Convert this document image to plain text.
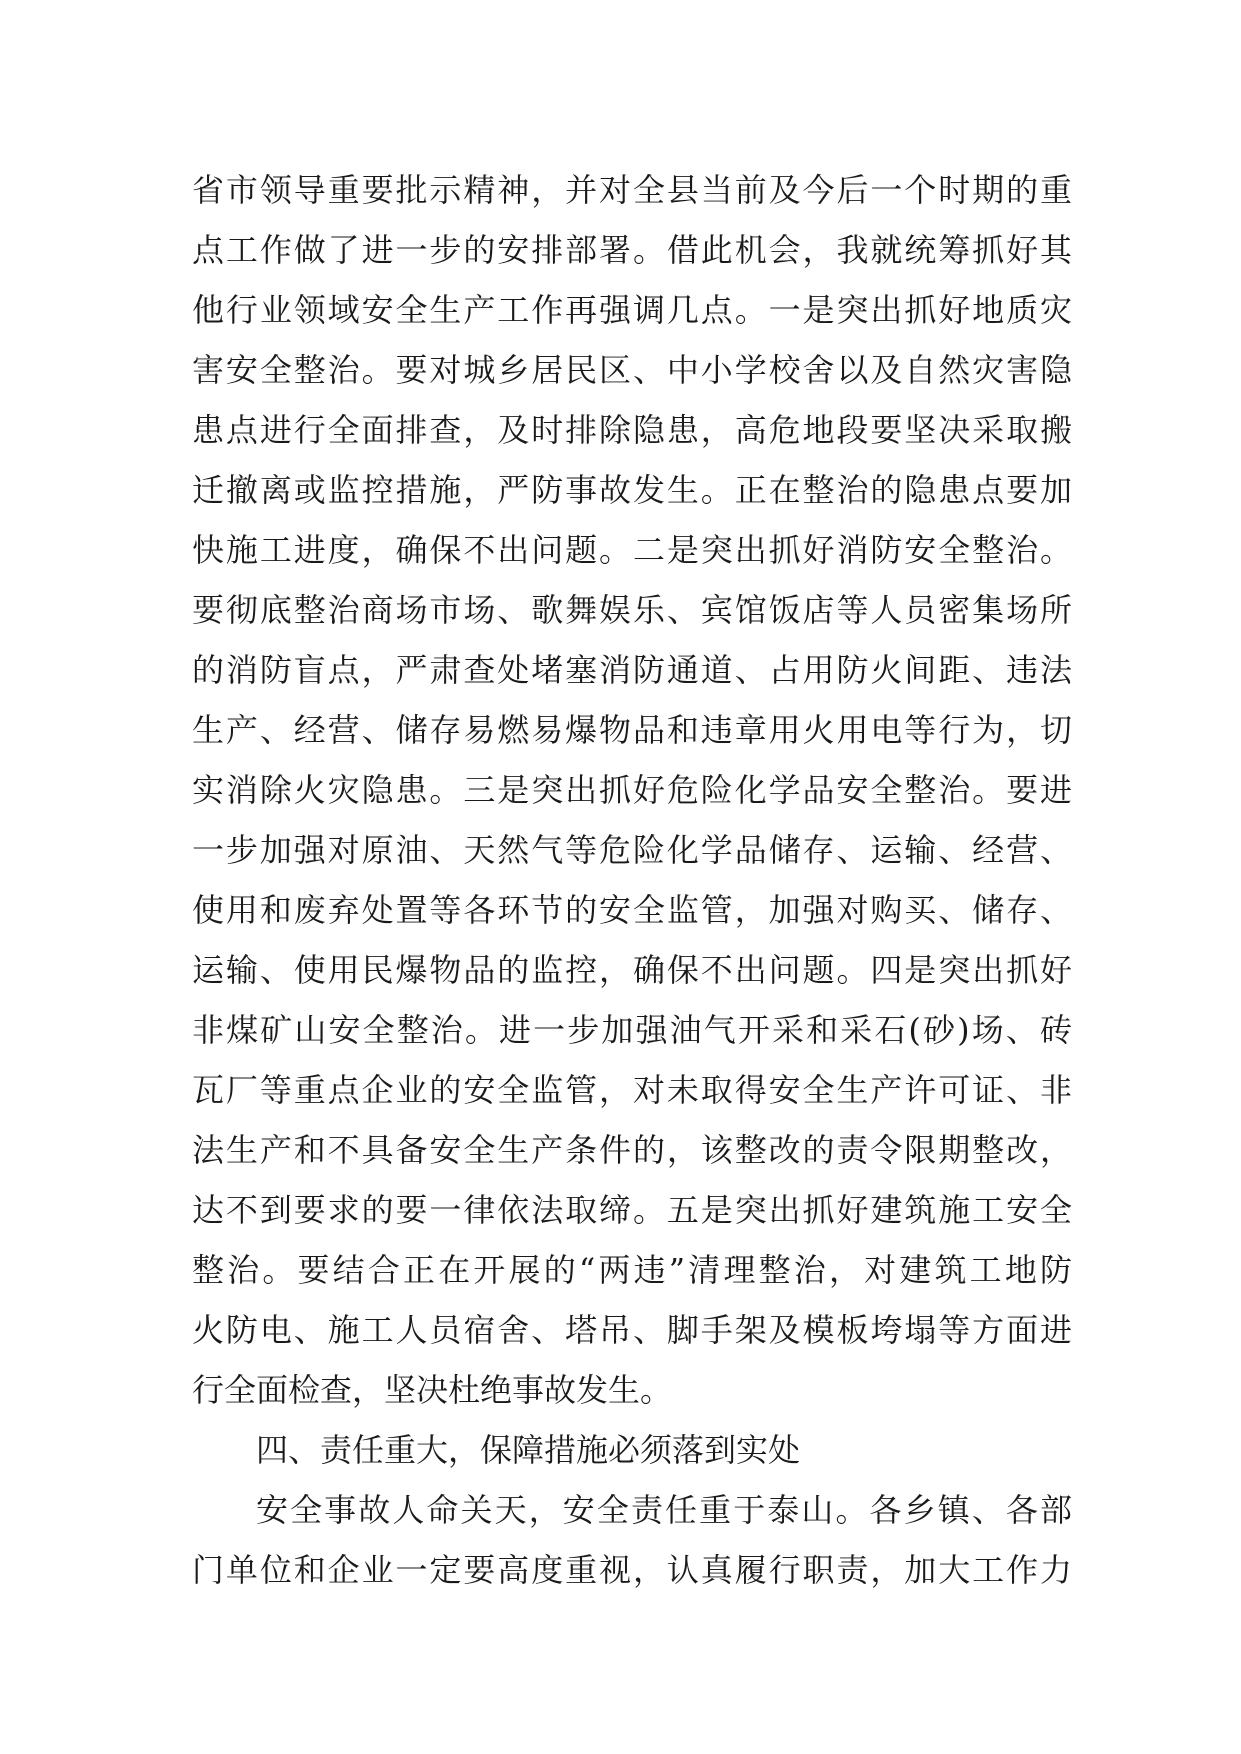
省市领导重要批示精神，并对全县当前及今后一个时期的重
点工作做了进一步的安排部署。借此机会，我就统筹抓好其
他行业领域安全生产工作再强调几点。一是突出抓好地质灾
害安全整治。要对城乡居民区、中小学校舍以及自然灾害隐
患点进行全面排查，及时排除隐患，高危地段要坚决采取搬
迁撤离或监控措施，严防事故发生。正在整治的隐患点要加
快施工进度，确保不出问题。二是突出抓好消防安全整治。
要彻底整治商场市场、歌舞娱乐、宾馆饭店等人员密集场所
的消防盲点，严肃查处堵塞消防通道、占用防火间距、违法
生产、经营、储存易燃易爆物品和违章用火用电等行为，切
实消除火灾隐患。三是突出抓好危险化学品安全整治。要进
一步加强对原油、天然气等危险化学品储存、运输、经营、
使用和废弃处置等各环节的安全监管，加强对购买、储存、
运输、使用民爆物品的监控，确保不出问题。四是突出抓好
非煤矿山安全整治。进一步加强油气开采和采石(砂)场、砖
瓦厂等重点企业的安全监管，对未取得安全生产许可证、非
法生产和不具备安全生产条件的，该整改的责令限期整改，
达不到要求的要一律依法取缔。五是突出抓好建筑施工安全
整治。要结合正在开展的“两违”清理整治，对建筑工地防
火防电、施工人员宿舍、塔吊、脚手架及模板垮塌等方面进
行全面检查，坚决杜绝事故发生。
四、责任重大，保障措施必须落到实处
安全事故人命关天，安全责任重于泰山。各乡镇、各部
门单位和企业一定要高度重视，认真履行职责，加大工作力
